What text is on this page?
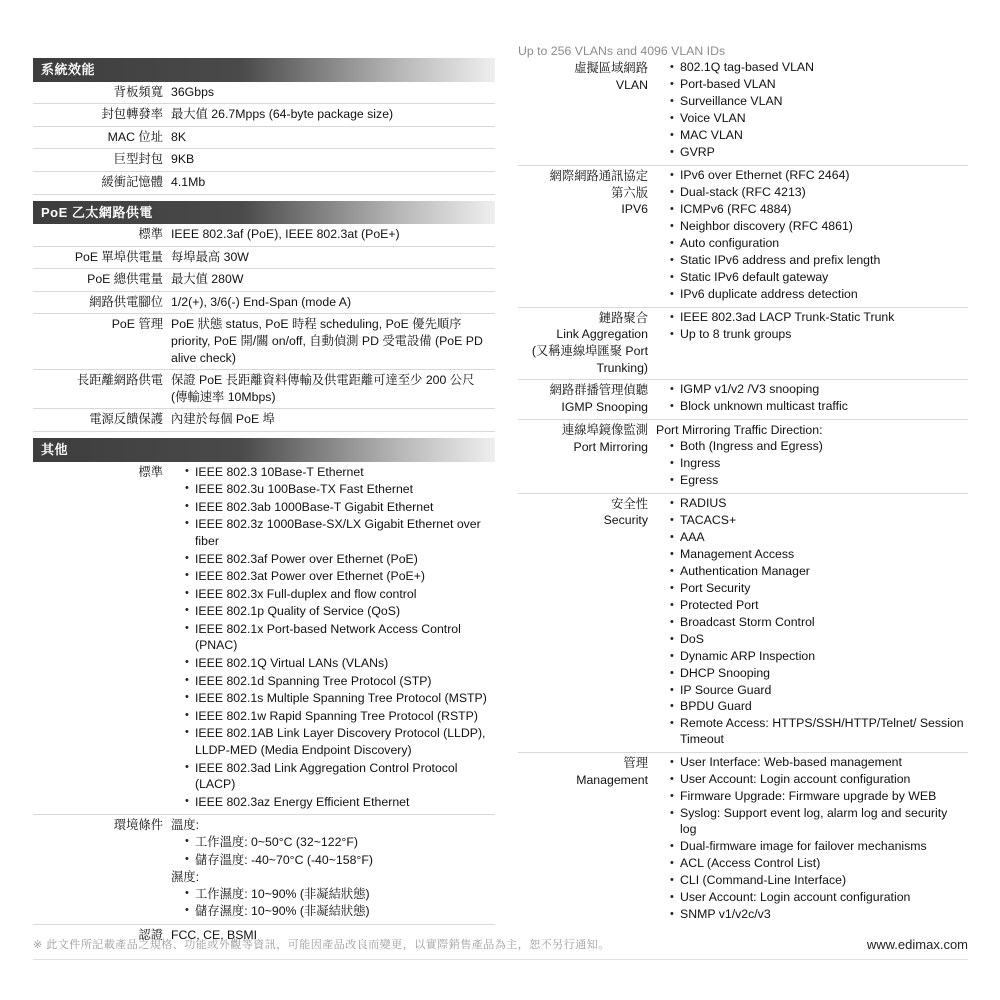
Up to 256 VLANs and 4096 VLAN IDs
系統效能	

背板頻寬	36Gbps
封包轉發率	最大值 26.7Mpps (64-byte package size)
MAC 位址	8K
巨型封包	9KB
緩衝記憶體	4.1Mb

PoE 乙太網路供電	

標準	IEEE 802.3af (PoE), IEEE 802.3at (PoE+)
PoE 單埠供電量	每埠最高 30W
PoE 總供電量	最大值 280W
網路供電腳位	1/2(+), 3/6(-) End-Span (mode A)
PoE 管理	PoE 狀態 status, PoE 時程 scheduling, PoE 優先順序 priority, PoE 開/關 on/off, 自動偵測 PD 受電設備 (PoE PD alive check)
長距離網路供電	保證 PoE 長距離資料傳輸及供電距離可達至少 200 公尺 (傳輸速率 10Mbps)
電源反饋保護	內建於每個 PoE 埠

其他	

標準	
•IEEE 802.3 10Base-T Ethernet
• IEEE 802.3u 100Base-TX Fast Ethernet
• IEEE 802.3ab 1000Base-T Gigabit Ethernet
• IEEE 802.3z 1000Base-SX/LX Gigabit Ethernet over fiber
• IEEE 802.3af Power over Ethernet (PoE)
• IEEE 802.3at Power over Ethernet (PoE+)
• IEEE 802.3x Full-duplex and flow control
• IEEE 802.1p Quality of Service (QoS)
• IEEE 802.1x Port-based Network Access Control (PNAC)
• IEEE 802.1Q Virtual LANs (VLANs)
• IEEE 802.1d Spanning Tree Protocol (STP)
• IEEE 802.1s Multiple Spanning Tree Protocol (MSTP)
• IEEE 802.1w Rapid Spanning Tree Protocol (RSTP)
• IEEE 802.1AB Link Layer Discovery Protocol (LLDP), LLDP-MED (Media Endpoint Discovery)
• IEEE 802.3ad Link Aggregation Control Protocol (LACP)
• IEEE 802.3az Energy Efficient Ethernet

環境條件	溫度:
• 工作溫度: 0~50°C (32~122°F)
• 儲存溫度: -40~70°C (-40~158°F)
濕度:
• 工作濕度: 10~90% (非凝結狀態)
• 儲存濕度: 10~90% (非凝結狀態)

認證	FCC, CE, BSMI
虛擬區域網路
VLAN

• 802.1Q tag-based VLAN
• Port-based VLAN
• Surveillance VLAN
• Voice VLAN
• MAC VLAN
• GVRP

網際網路通訊協定
第六版
IPV6

• IPv6 over Ethernet (RFC 2464)
• Dual-stack (RFC 4213)
• ICMPv6 (RFC 4884)
• Neighbor discovery (RFC 4861)
• Auto configuration
• Static IPv6 address and prefix length
• Static IPv6 default gateway
• IPv6 duplicate address detection

鏈路聚合
Link Aggregation
(又稱連線埠匯聚 Port Trunking)

• IEEE 802.3ad LACP Trunk-Static Trunk
• Up to 8 trunk groups

網路群播管理偵聽
IGMP Snooping

• IGMP v1/v2 /V3 snooping
• Block unknown multicast traffic

連線埠鏡像監測
Port Mirroring

Port Mirroring Traffic Direction:
• Both (Ingress and Egress)
• Ingress
• Egress

安全性
Security

• RADIUS
• TACACS+
• AAA
• Management Access
• Authentication Manager
• Port Security
• Protected Port
• Broadcast Storm Control
• DoS
• Dynamic ARP Inspection
• DHCP Snooping
• IP Source Guard
• BPDU Guard
• Remote Access: HTTPS/SSH/HTTP/Telnet/ Session Timeout

管理
Management

• User Interface: Web-based management
• User Account: Login account configuration
• Firmware Upgrade: Firmware upgrade by WEB
• Syslog: Support event log, alarm log and security log
• Dual-firmware image for failover mechanisms
• ACL (Access Control List)
• CLI (Command-Line Interface)
• User Account: Login account configuration
• SNMP v1/v2c/v3
※ 此文件所記載產品之規格、功能或外觀等資訊，可能因產品改良而變更，以實際銷售產品為主，恕不另行通知。	www.edimax.com
